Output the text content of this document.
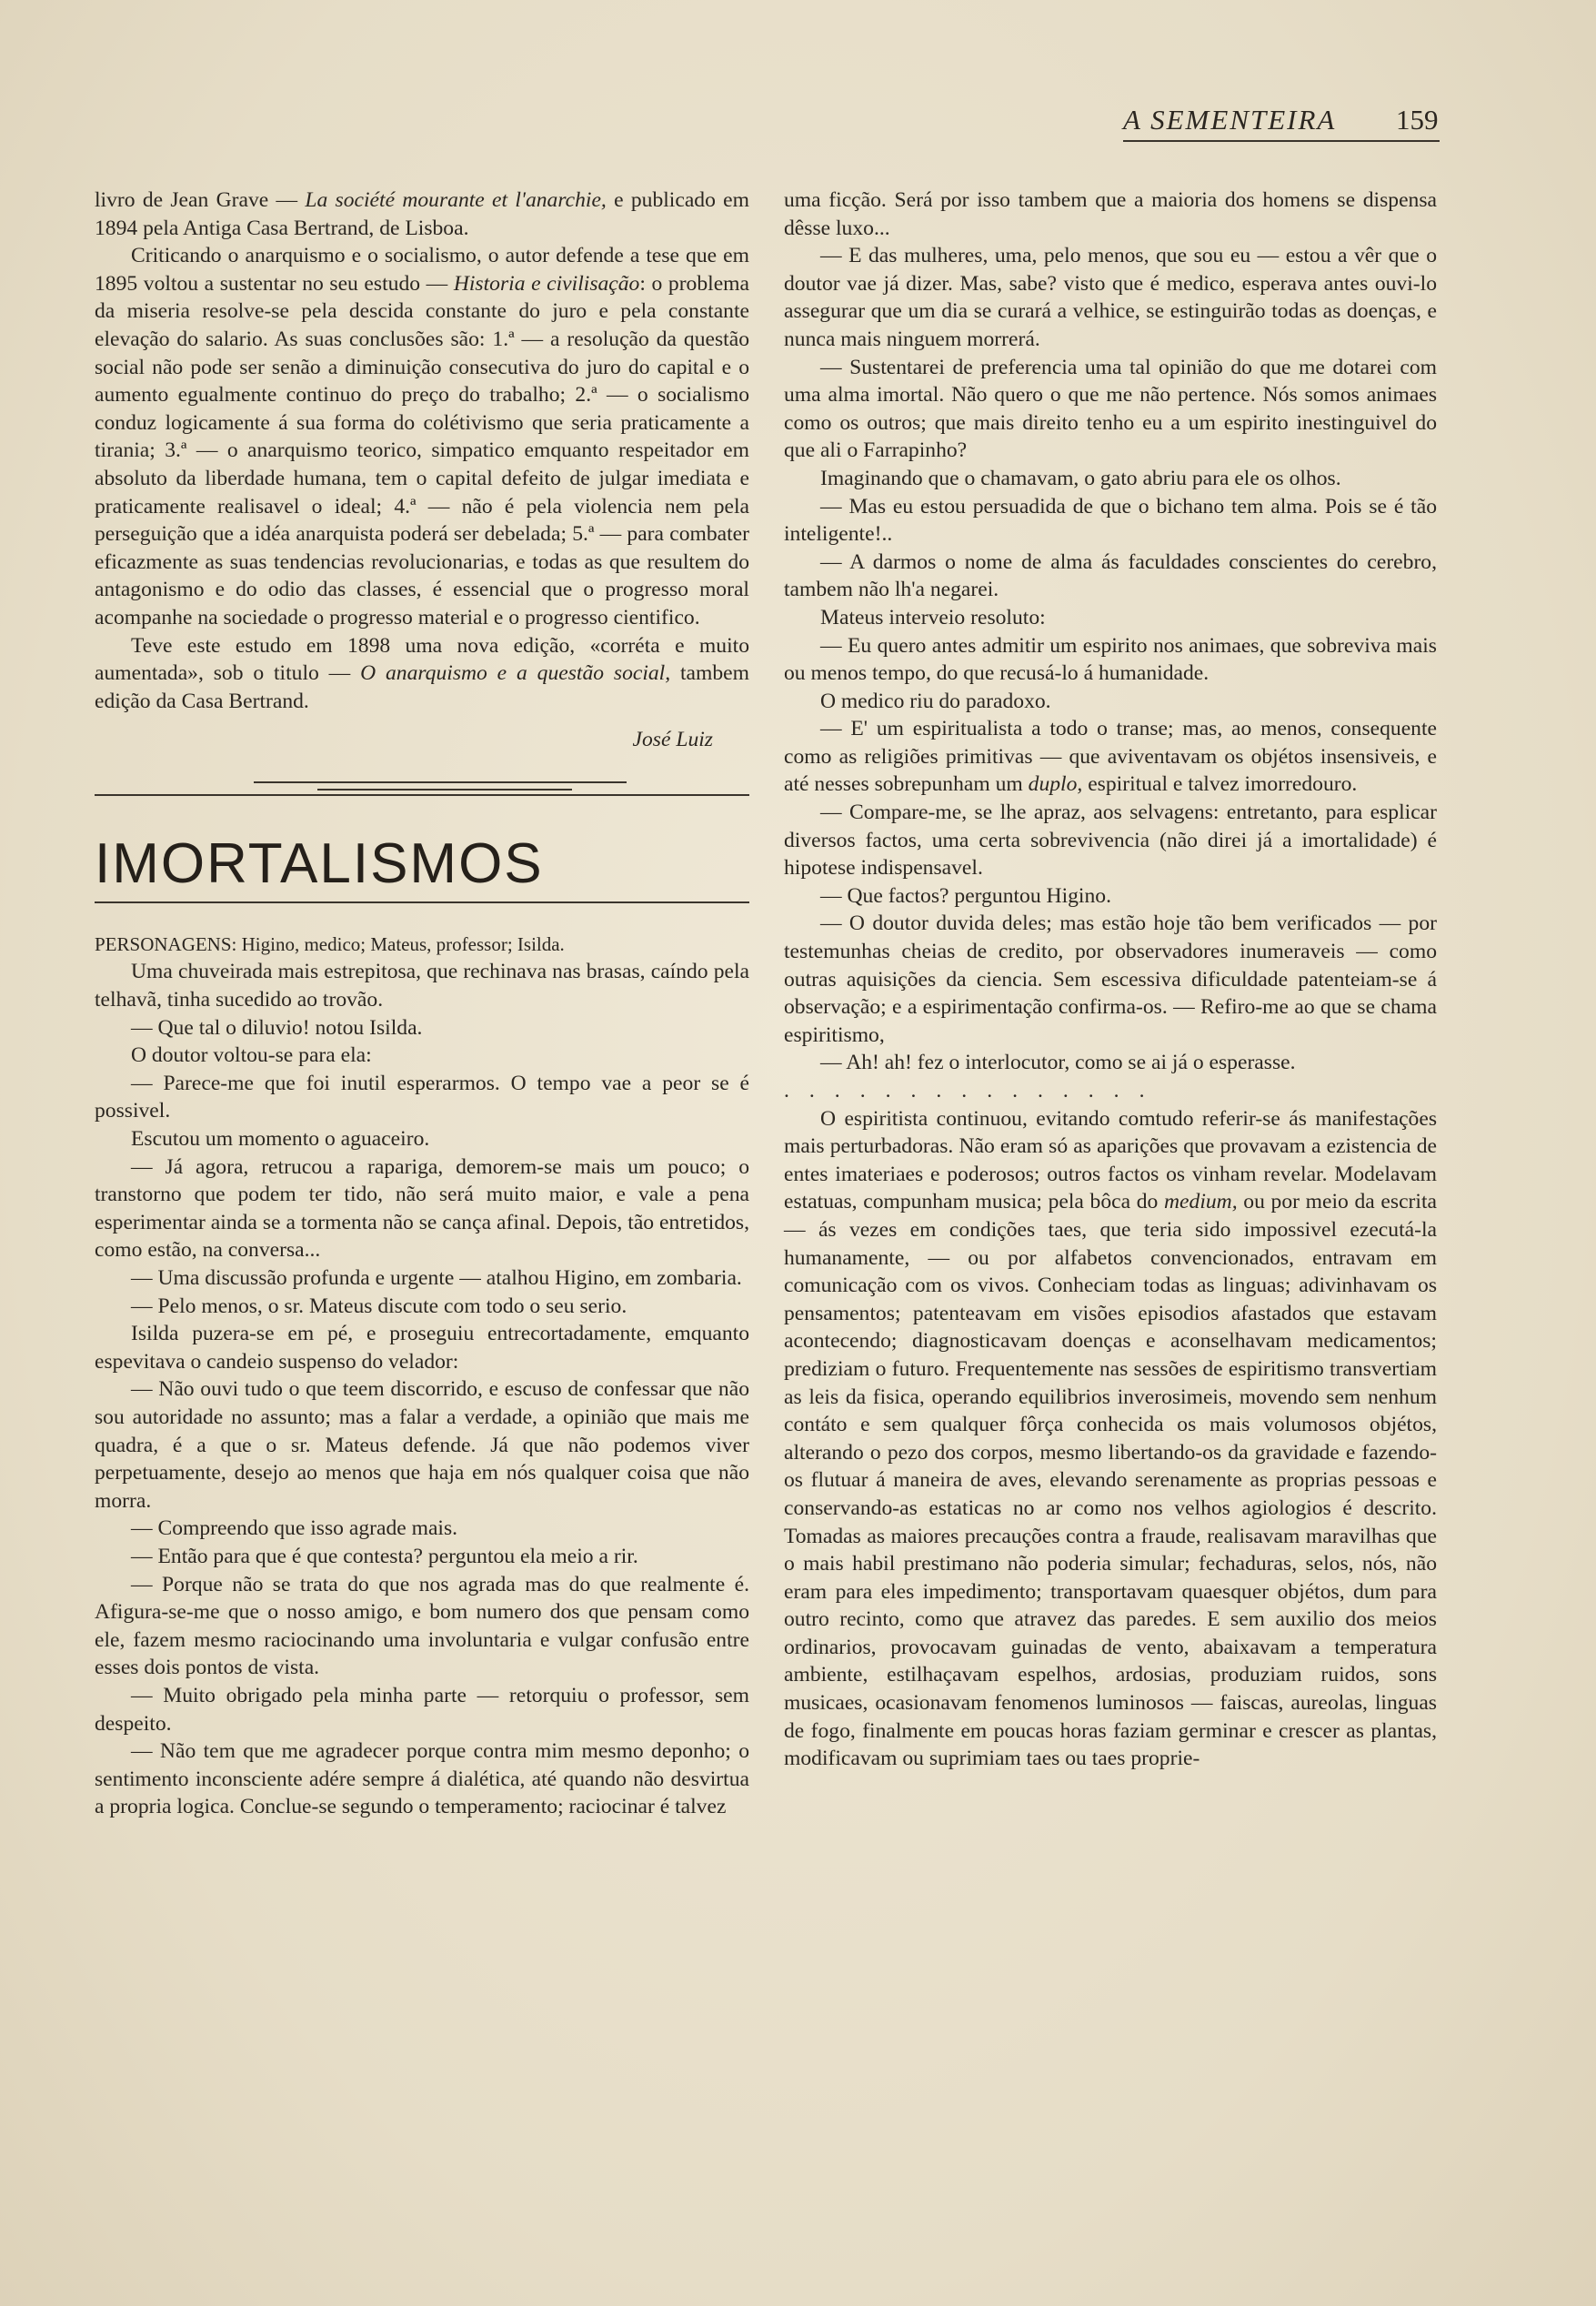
A SEMENTEIRA 159

livro de Jean Grave — La société mourante et l'anarchie, e publicado em 1894 pela Antiga Casa Bertrand, de Lisboa.

Criticando o anarquismo e o socialismo, o autor defende a tese que em 1895 voltou a sustentar no seu estudo — Historia e civilisação: o problema da miseria resolve-se pela descida constante do juro e pela constante elevação do salario. As suas conclusões são: 1.ª — a resolução da questão social não pode ser senão a diminuição consecutiva do juro do capital e o aumento egualmente continuo do preço do trabalho; 2.ª — o socialismo conduz logicamente á sua forma do colétivismo que seria praticamente a tirania; 3.ª — o anarquismo teorico, simpatico emquanto respeitador em absoluto da liberdade humana, tem o capital defeito de julgar imediata e praticamente realisavel o ideal; 4.ª — não é pela violencia nem pela perseguição que a idéa anarquista poderá ser debelada; 5.ª — para combater eficazmente as suas tendencias revolucionarias, e todas as que resultem do antagonismo e do odio das classes, é essencial que o progresso moral acompanhe na sociedade o progresso material e o progresso cientifico.

Teve este estudo em 1898 uma nova edição, «corréta e muito aumentada», sob o titulo — O anarquismo e a questão social, tambem edição da Casa Bertrand.

José Luiz
IMORTALISMOS

PERSONAGENS: Higino, medico; Mateus, professor; Isilda.

Uma chuveirada mais estrepitosa, que rechinava nas brasas, caíndo pela telhavã, tinha sucedido ao trovão.

— Que tal o diluvio! notou Isilda.

O doutor voltou-se para ela:

— Parece-me que foi inutil esperarmos. O tempo vae a peor se é possivel.

Escutou um momento o aguaceiro.

— Já agora, retrucou a rapariga, demorem-se mais um pouco; o transtorno que podem ter tido, não será muito maior, e vale a pena esperimentar ainda se a tormenta não se cança afinal. Depois, tão entretidos, como estão, na conversa...

— Uma discussão profunda e urgente — atalhou Higino, em zombaria.

— Pelo menos, o sr. Mateus discute com todo o seu serio.

Isilda puzera-se em pé, e proseguiu entrecortadamente, emquanto espevitava o candeio suspenso do velador:

— Não ouvi tudo o que teem discorrido, e escuso de confessar que não sou autoridade no assunto; mas a falar a verdade, a opinião que mais me quadra, é a que o sr. Mateus defende. Já que não podemos viver perpetuamente, desejo ao menos que haja em nós qualquer coisa que não morra.

— Compreendo que isso agrade mais.

— Então para que é que contesta? perguntou ela meio a rir.

— Porque não se trata do que nos agrada mas do que realmente é. Afigura-se-me que o nosso amigo, e bom numero dos que pensam como ele, fazem mesmo raciocinando uma involuntaria e vulgar confusão entre esses dois pontos de vista.

— Muito obrigado pela minha parte — retorquiu o professor, sem despeito.

— Não tem que me agradecer porque contra mim mesmo deponho; o sentimento inconsciente adére sempre á dialética, até quando não desvirtua a propria logica. Conclue-se segundo o temperamento; raciocinar é talvez

uma ficção. Será por isso tambem que a maioria dos homens se dispensa dêsse luxo...

— E das mulheres, uma, pelo menos, que sou eu — estou a vêr que o doutor vae já dizer. Mas, sabe? visto que é medico, esperava antes ouvi-lo assegurar que um dia se curará a velhice, se estinguirão todas as doenças, e nunca mais ninguem morrerá.

— Sustentarei de preferencia uma tal opinião do que me dotarei com uma alma imortal. Não quero o que me não pertence. Nós somos animaes como os outros; que mais direito tenho eu a um espirito inestinguivel do que ali o Farrapinho?

Imaginando que o chamavam, o gato abriu para ele os olhos.

— Mas eu estou persuadida de que o bichano tem alma. Pois se é tão inteligente!..

— A darmos o nome de alma ás faculdades conscientes do cerebro, tambem não lh'a negarei.

Mateus interveio resoluto:

— Eu quero antes admitir um espirito nos animaes, que sobreviva mais ou menos tempo, do que recusá-lo á humanidade.

O medico riu do paradoxo.

— E' um espiritualista a todo o transe; mas, ao menos, consequente como as religiões primitivas — que aviventavam os objétos insensiveis, e até nesses sobrepunham um duplo, espiritual e talvez imorredouro.

— Compare-me, se lhe apraz, aos selvagens: entretanto, para esplicar diversos factos, uma certa sobrevivencia (não direi já a imortalidade) é hipotese indispensavel.

— Que factos? perguntou Higino.

— O doutor duvida deles; mas estão hoje tão bem verificados — por testemunhas cheias de credito, por observadores inumeraveis — como outras aquisições da ciencia. Sem escessiva dificuldade patenteiam-se á observação; e a espirimentação confirma-os. — Refiro-me ao que se chama espiritismo,

— Ah! ah! fez o interlocutor, como se ai já o esperasse.

...............

O espiritista continuou, evitando comtudo referir-se ás manifestações mais perturbadoras. Não eram só as aparições que provavam a ezistencia de entes imateriaes e poderosos; outros factos os vinham revelar. Modelavam estatuas, compunham musica; pela bôca do medium, ou por meio da escrita — ás vezes em condições taes, que teria sido impossivel ezecutá-la humanamente, — ou por alfabetos convencionados, entravam em comunicação com os vivos. Conheciam todas as linguas; adivinhavam os pensamentos; patenteavam em visões episodios afastados que estavam acontecendo; diagnosticavam doenças e aconselhavam medicamentos; prediziam o futuro. Frequentemente nas sessões de espiritismo transvertiam as leis da fisica, operando equilibrios inverosimeis, movendo sem nenhum contáto e sem qualquer fôrça conhecida os mais volumosos objétos, alterando o pezo dos corpos, mesmo libertando-os da gravidade e fazendo-os flutuar á maneira de aves, elevando serenamente as proprias pessoas e conservando-as estaticas no ar como nos velhos agiologios é descrito. Tomadas as maiores precauções contra a fraude, realisavam maravilhas que o mais habil prestimano não poderia simular; fechaduras, selos, nós, não eram para eles impedimento; transportavam quaesquer objétos, dum para outro recinto, como que atravez das paredes. E sem auxilio dos meios ordinarios, provocavam guinadas de vento, abaixavam a temperatura ambiente, estilhaçavam espelhos, ardosias, produziam ruidos, sons musicaes, ocasionavam fenomenos luminosos — faiscas, aureolas, linguas de fogo, finalmente em poucas horas faziam germinar e crescer as plantas, modificavam ou suprimiam taes ou taes proprie-
